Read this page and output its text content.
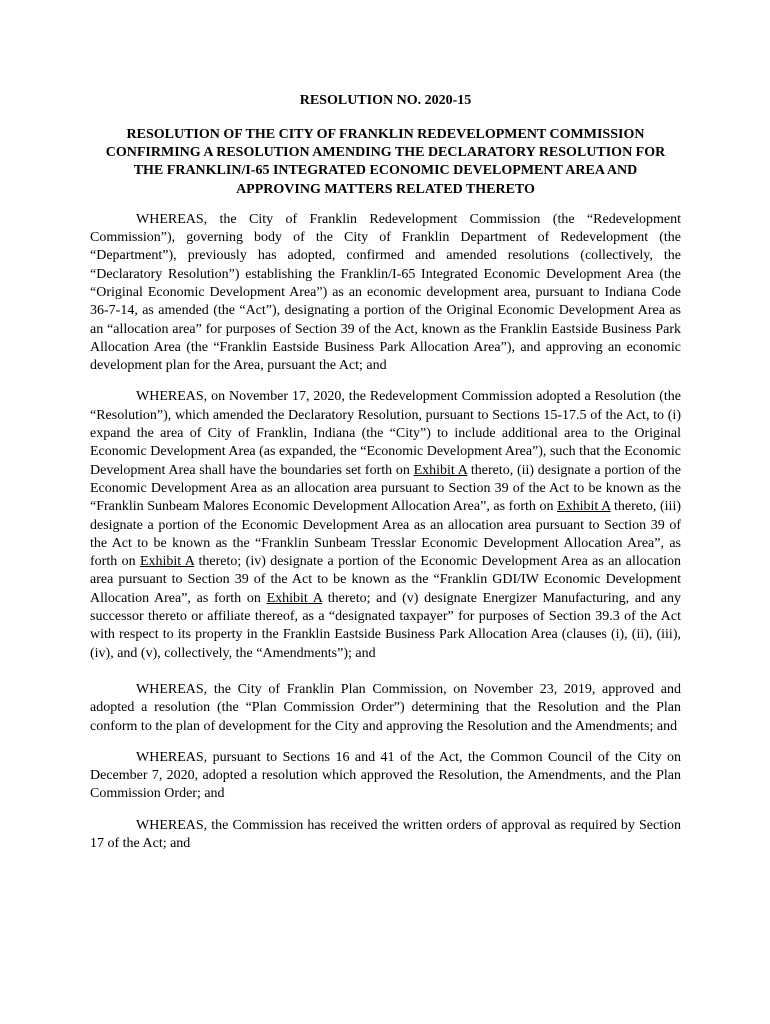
RESOLUTION NO. 2020-15

RESOLUTION OF THE CITY OF FRANKLIN REDEVELOPMENT COMMISSION CONFIRMING A RESOLUTION AMENDING THE DECLARATORY RESOLUTION FOR THE FRANKLIN/I-65 INTEGRATED ECONOMIC DEVELOPMENT AREA AND APPROVING MATTERS RELATED THERETO

WHEREAS, the City of Franklin Redevelopment Commission (the “Redevelopment Commission”), governing body of the City of Franklin Department of Redevelopment (the “Department”), previously has adopted, confirmed and amended resolutions (collectively, the “Declaratory Resolution”) establishing the Franklin/I-65 Integrated Economic Development Area (the “Original Economic Development Area”) as an economic development area, pursuant to Indiana Code 36-7-14, as amended (the “Act”), designating a portion of the Original Economic Development Area as an “allocation area” for purposes of Section 39 of the Act, known as the Franklin Eastside Business Park Allocation Area (the “Franklin Eastside Business Park Allocation Area”), and approving an economic development plan for the Area, pursuant the Act; and

WHEREAS, on November 17, 2020, the Redevelopment Commission adopted a Resolution (the “Resolution”), which amended the Declaratory Resolution, pursuant to Sections 15-17.5 of the Act, to (i) expand the area of City of Franklin, Indiana (the “City”) to include additional area to the Original Economic Development Area (as expanded, the “Economic Development Area”), such that the Economic Development Area shall have the boundaries set forth on Exhibit A thereto, (ii) designate a portion of the Economic Development Area as an allocation area pursuant to Section 39 of the Act to be known as the “Franklin Sunbeam Malores Economic Development Allocation Area”, as forth on Exhibit A thereto, (iii) designate a portion of the Economic Development Area as an allocation area pursuant to Section 39 of the Act to be known as the “Franklin Sunbeam Tresslar Economic Development Allocation Area”, as forth on Exhibit A thereto; (iv) designate a portion of the Economic Development Area as an allocation area pursuant to Section 39 of the Act to be known as the “Franklin GDI/IW Economic Development Allocation Area”, as forth on Exhibit A thereto; and (v) designate Energizer Manufacturing, and any successor thereto or affiliate thereof, as a “designated taxpayer” for purposes of Section 39.3 of the Act with respect to its property in the Franklin Eastside Business Park Allocation Area (clauses (i), (ii), (iii), (iv), and (v), collectively, the “Amendments”); and

WHEREAS, the City of Franklin Plan Commission, on November 23, 2019, approved and adopted a resolution (the “Plan Commission Order”) determining that the Resolution and the Plan conform to the plan of development for the City and approving the Resolution and the Amendments; and

WHEREAS, pursuant to Sections 16 and 41 of the Act, the Common Council of the City on December 7, 2020, adopted a resolution which approved the Resolution, the Amendments, and the Plan Commission Order; and

WHEREAS, the Commission has received the written orders of approval as required by Section 17 of the Act; and
